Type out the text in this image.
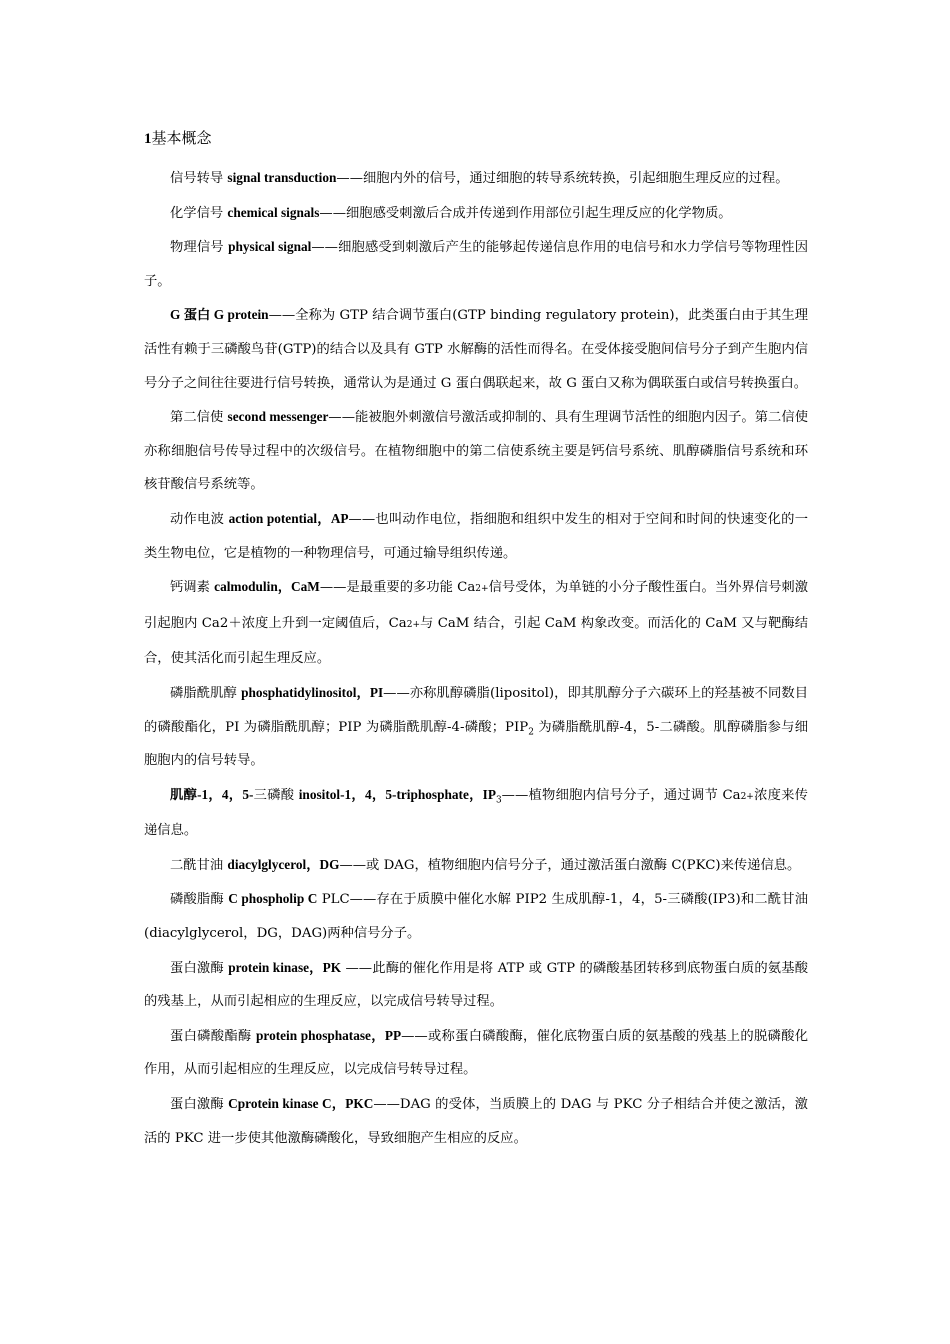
1基本概念

信号转导 signal transduction——细胞内外的信号，通过细胞的转导系统转换，引起细胞生理反应的过程。

化学信号 chemical signals——细胞感受刺激后合成并传递到作用部位引起生理反应的化学物质。

物理信号 physical signal——细胞感受到刺激后产生的能够起传递信息作用的电信号和水力学信号等物理性因子。

G 蛋白 G protein——全称为 GTP 结合调节蛋白(GTP binding regulatory protein)，此类蛋白由于其生理活性有赖于三磷酸鸟苷(GTP)的结合以及具有 GTP 水解酶的活性而得名。在受体接受胞间信号分子到产生胞内信号分子之间往往要进行信号转换，通常认为是通过 G 蛋白偶联起来，故 G 蛋白又称为偶联蛋白或信号转换蛋白。

第二信使 second messenger——能被胞外刺激信号激活或抑制的、具有生理调节活性的细胞内因子。第二信使亦称细胞信号传导过程中的次级信号。在植物细胞中的第二信使系统主要是钙信号系统、肌醇磷脂信号系统和环核苷酸信号系统等。

动作电波 action potential，AP——也叫动作电位，指细胞和组织中发生的相对于空间和时间的快速变化的一类生物电位，它是植物的一种物理信号，可通过输导组织传递。

钙调素 calmodulin，CaM——是最重要的多功能 Ca2+信号受体，为单链的小分子酸性蛋白。当外界信号刺激引起胞内 Ca2＋浓度上升到一定阈值后，Ca2+与 CaM 结合，引起 CaM 构象改变。而活化的 CaM 又与靶酶结合，使其活化而引起生理反应。

磷脂酰肌醇 phosphatidylinositol，PI——亦称肌醇磷脂(lipositol)，即其肌醇分子六碳环上的羟基被不同数目的磷酸酯化，PI 为磷脂酰肌醇；PIP 为磷脂酰肌醇-4-磷酸；$PIP_2$ 为磷脂酰肌醇-4，5-二磷酸。肌醇磷脂参与细胞胞内的信号转导。

肌醇-1，4，5-三磷酸 inositol-1，4，5-triphosphate，$IP_3——$植物细胞内信号分子，通过调节 Ca2+浓度来传递信息。

二酰甘油 diacylglycerol，DG——或 DAG，植物细胞内信号分子，通过激活蛋白激酶 C(PKC)来传递信息。

磷酸脂酶 C phospholip C PLC——存在于质膜中催化水解 PIP2 生成肌醇-1，4，5-三磷酸(IP3)和二酰甘油(diacylglycerol，DG，DAG)两种信号分子。

蛋白激酶 protein kinase，PK ——此酶的催化作用是将 ATP 或 GTP 的磷酸基团转移到底物蛋白质的氨基酸的残基上，从而引起相应的生理反应，以完成信号转导过程。

蛋白磷酸酯酶 protein phosphatase，PP——或称蛋白磷酸酶，催化底物蛋白质的氨基酸的残基上的脱磷酸化作用，从而引起相应的生理反应，以完成信号转导过程。

蛋白激酶 Cprotein kinase C，PKC——DAG 的受体，当质膜上的 DAG 与 PKC 分子相结合并使之激活，激活的 PKC 进一步使其他激酶磷酸化，导致细胞产生相应的反应。
